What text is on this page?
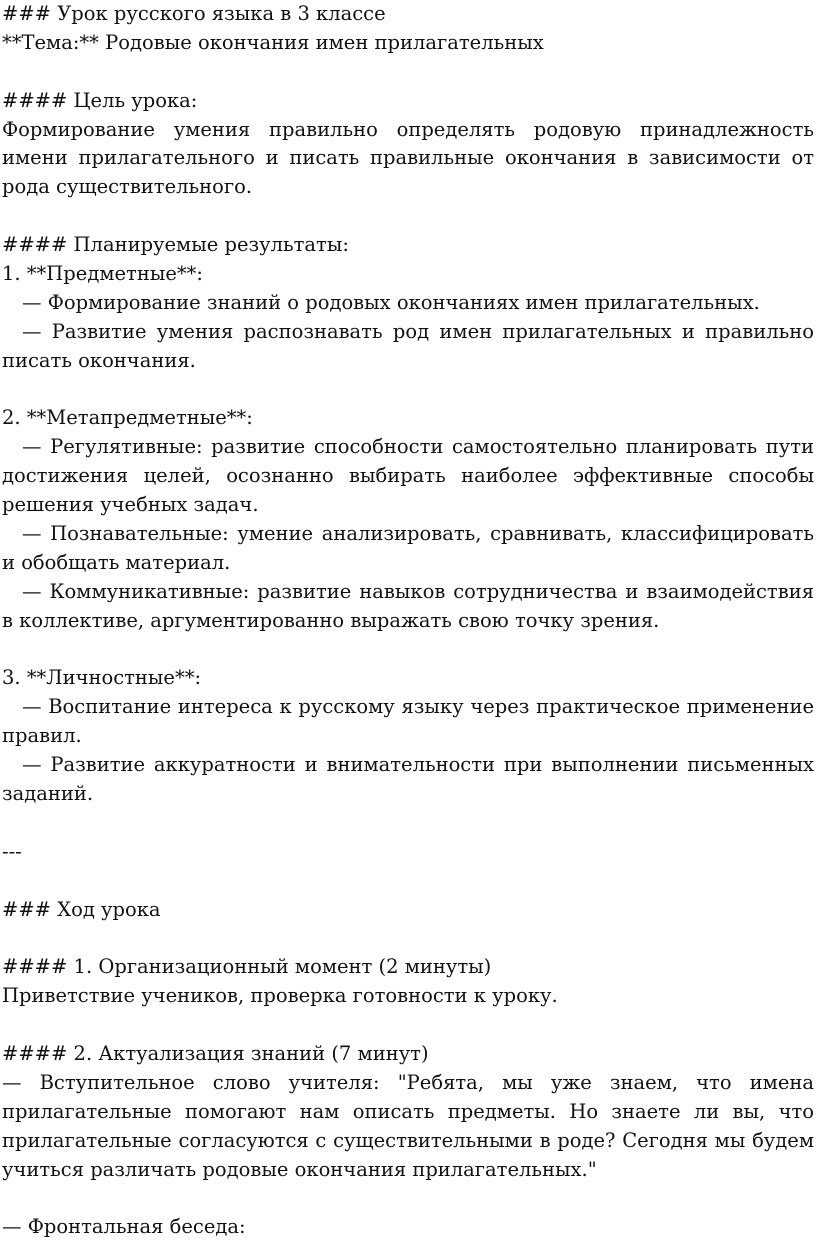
### Урок русского языка в 3 классе
**Тема:** Родовые окончания имен прилагательных
#### Цель урока:
Формирование умения правильно определять родовую принадлежность
имени прилагательного и писать правильные окончания в зависимости от
рода существительного.
#### Планируемые результаты:
1. **Предметные**:
— Формирование знаний о родовых окончаниях имен прилагательных.
— Развитие умения распознавать род имен прилагательных и правильно
писать окончания.
2. **Метапредметные**:
— Регулятивные: развитие способности самостоятельно планировать пути
достижения целей, осознанно выбирать наиболее эффективные способы
решения учебных задач.
— Познавательные: умение анализировать, сравнивать, классифицировать
и обобщать материал.
— Коммуникативные: развитие навыков сотрудничества и взаимодействия
в коллективе, аргументированно выражать свою точку зрения.
3. **Личностные**:
— Воспитание интереса к русскому языку через практическое применение
правил.
— Развитие аккуратности и внимательности при выполнении письменных
заданий.
---
### Ход урока
#### 1. Организационный момент (2 минуты)
Приветствие учеников, проверка готовности к уроку.
#### 2. Актуализация знаний (7 минут)
— Вступительное слово учителя: "Ребята, мы уже знаем, что имена
прилагательные помогают нам описать предметы. Но знаете ли вы, что
прилагательные согласуются с существительными в роде? Сегодня мы будем
учиться различать родовые окончания прилагательных."
— Фронтальная беседа:
